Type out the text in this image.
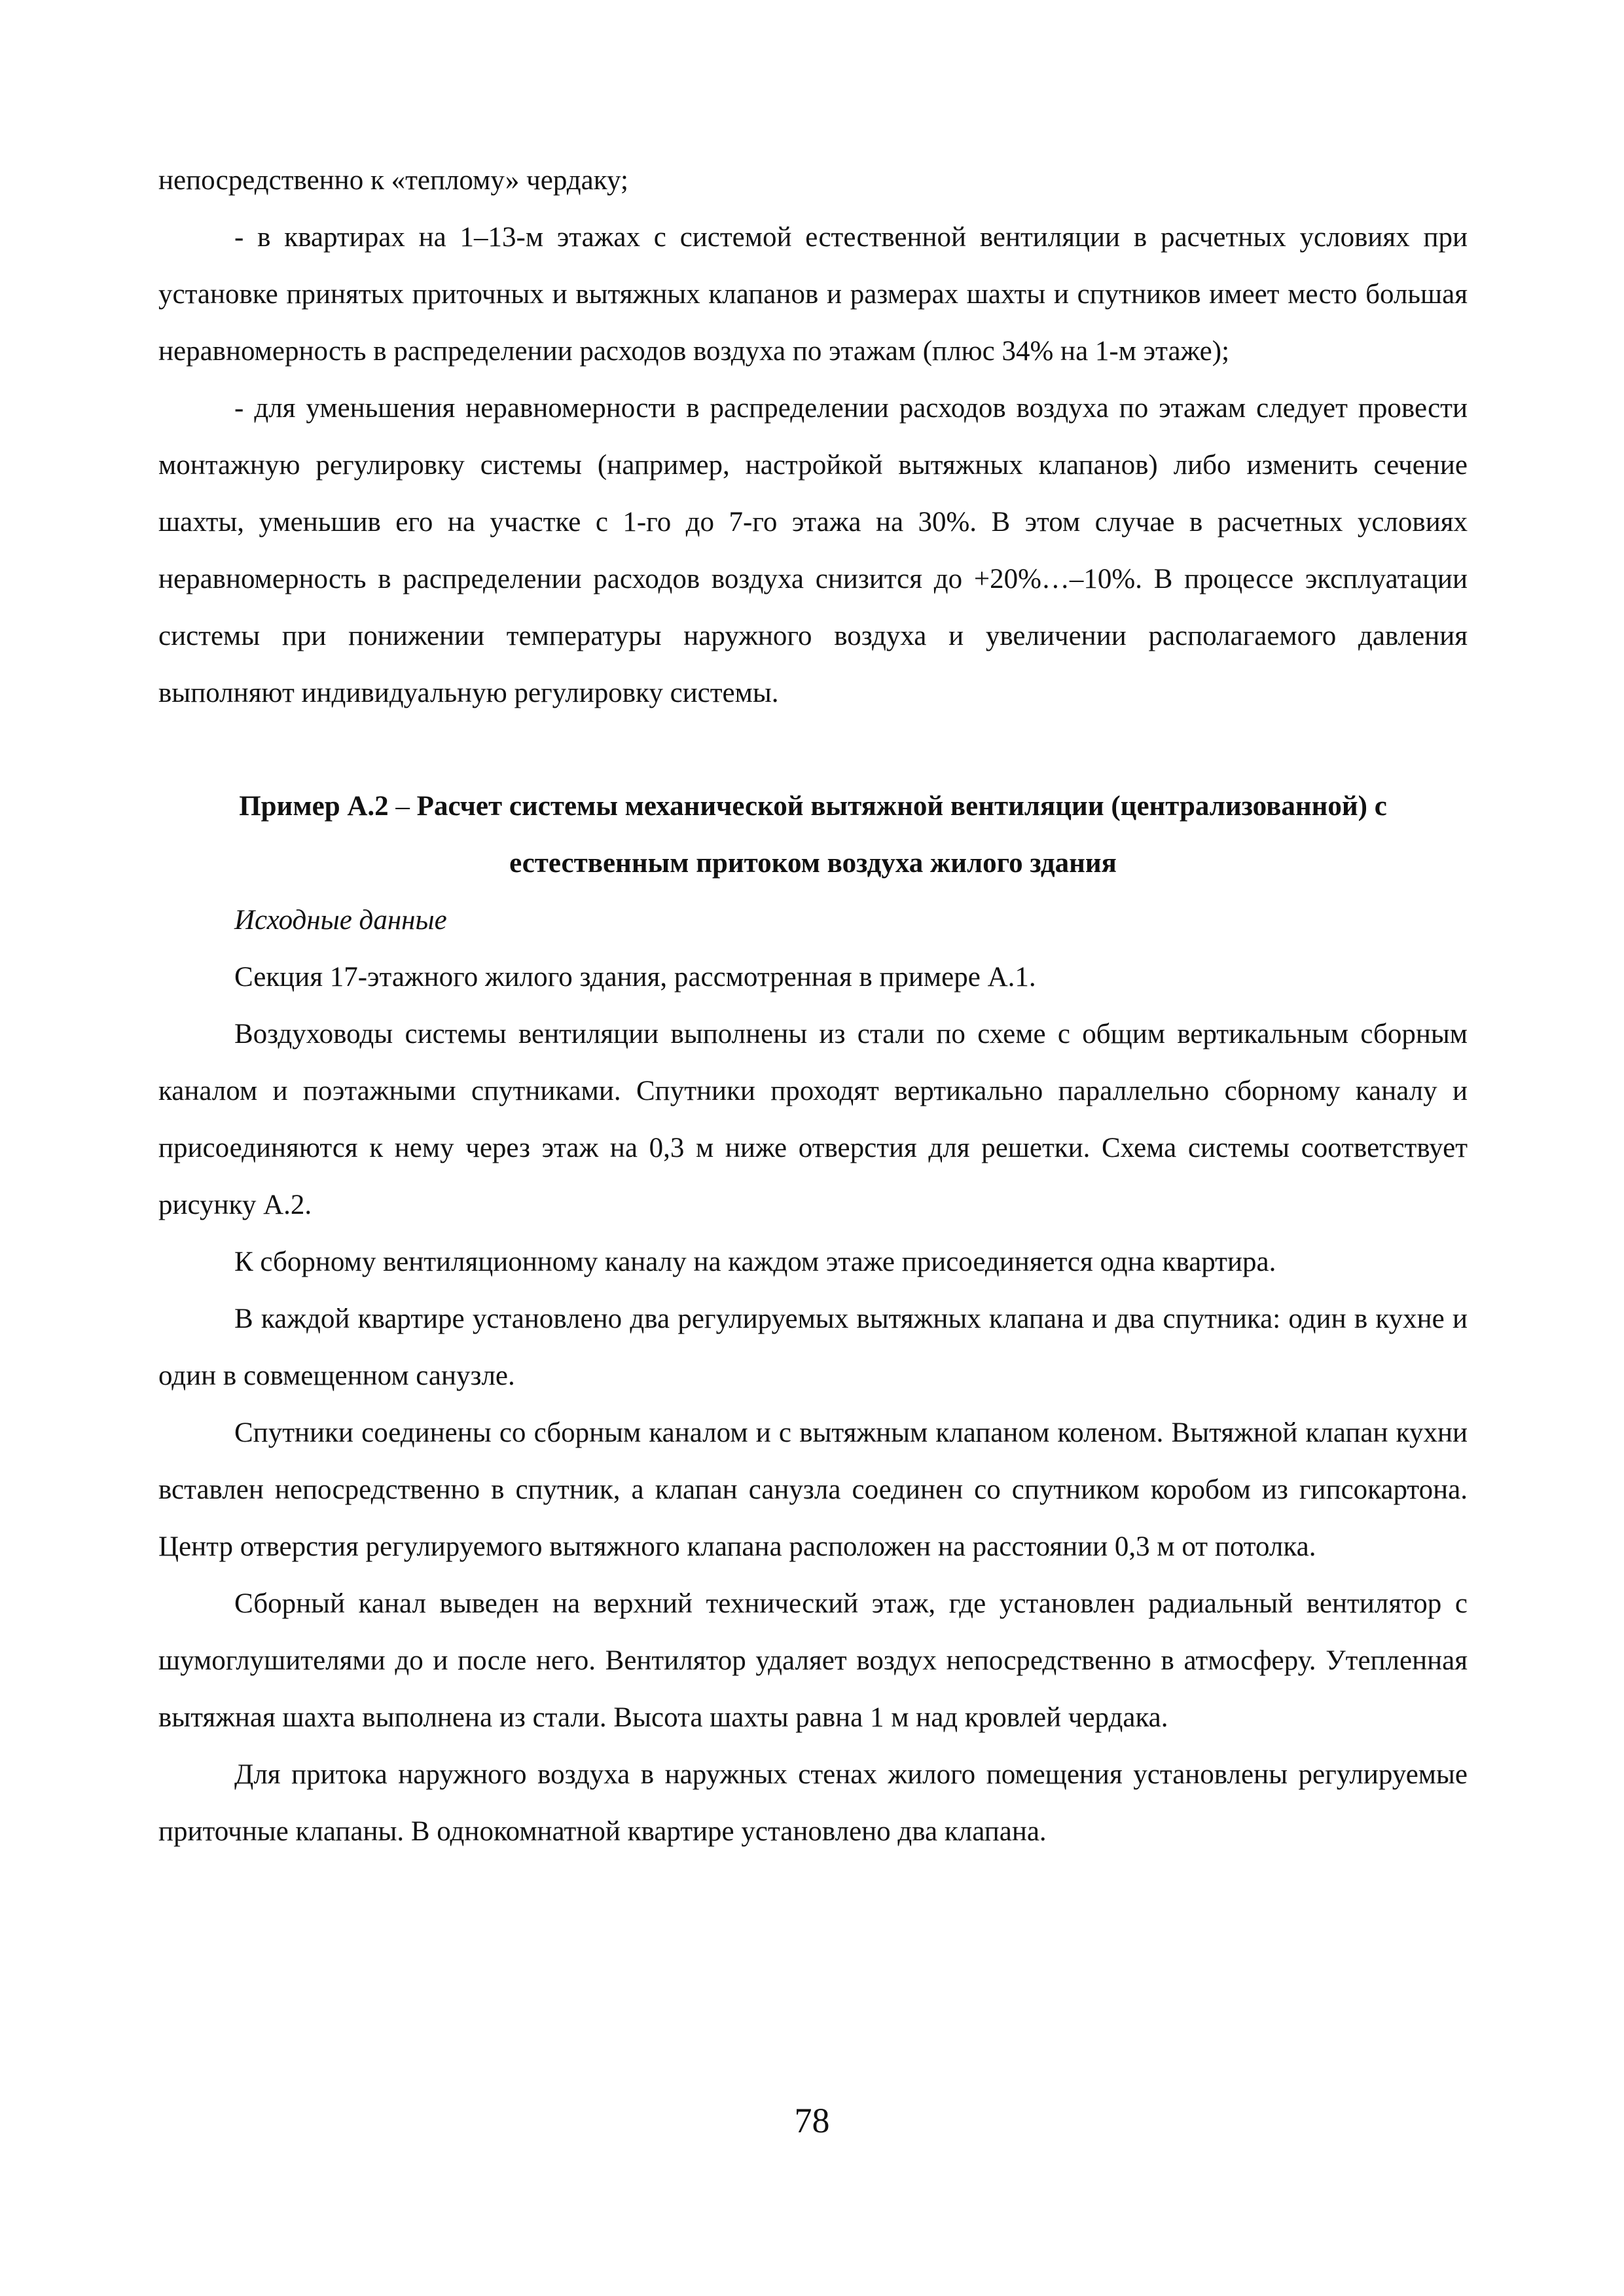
непосредственно к «теплому» чердаку;

- в квартирах на 1–13-м этажах с системой естественной вентиляции в расчетных условиях при установке принятых приточных и вытяжных клапанов и размерах шахты и спутников имеет место большая неравномерность в распределении расходов воздуха по этажам (плюс 34% на 1-м этаже);

- для уменьшения неравномерности в распределении расходов воздуха по этажам следует провести монтажную регулировку системы (например, настройкой вытяжных клапанов) либо изменить сечение шахты, уменьшив его на участке с 1-го до 7-го этажа на 30%. В этом случае в расчетных условиях неравномерность в распределении расходов воздуха снизится до +20%…–10%. В процессе эксплуатации системы при понижении температуры наружного воздуха и увеличении располагаемого давления выполняют индивидуальную регулировку системы.

Пример А.2 – Расчет системы механической вытяжной вентиляции (централизованной) с естественным притоком воздуха жилого здания

Исходные данные

Секция 17-этажного жилого здания, рассмотренная в примере А.1.

Воздуховоды системы вентиляции выполнены из стали по схеме с общим вертикальным сборным каналом и поэтажными спутниками. Спутники проходят вертикально параллельно сборному каналу и присоединяются к нему через этаж на 0,3 м ниже отверстия для решетки. Схема системы соответствует рисунку А.2.

К сборному вентиляционному каналу на каждом этаже присоединяется одна квартира.

В каждой квартире установлено два регулируемых вытяжных клапана и два спутника: один в кухне и один в совмещенном санузле.

Спутники соединены со сборным каналом и с вытяжным клапаном коленом. Вытяжной клапан кухни вставлен непосредственно в спутник, а клапан санузла соединен со спутником коробом из гипсокартона. Центр отверстия регулируемого вытяжного клапана расположен на расстоянии 0,3 м от потолка.

Сборный канал выведен на верхний технический этаж, где установлен радиальный вентилятор с шумоглушителями до и после него. Вентилятор удаляет воздух непосредственно в атмосферу. Утепленная вытяжная шахта выполнена из стали. Высота шахты равна 1 м над кровлей чердака.

Для притока наружного воздуха в наружных стенах жилого помещения установлены регулируемые приточные клапаны. В однокомнатной квартире установлено два клапана.

78
